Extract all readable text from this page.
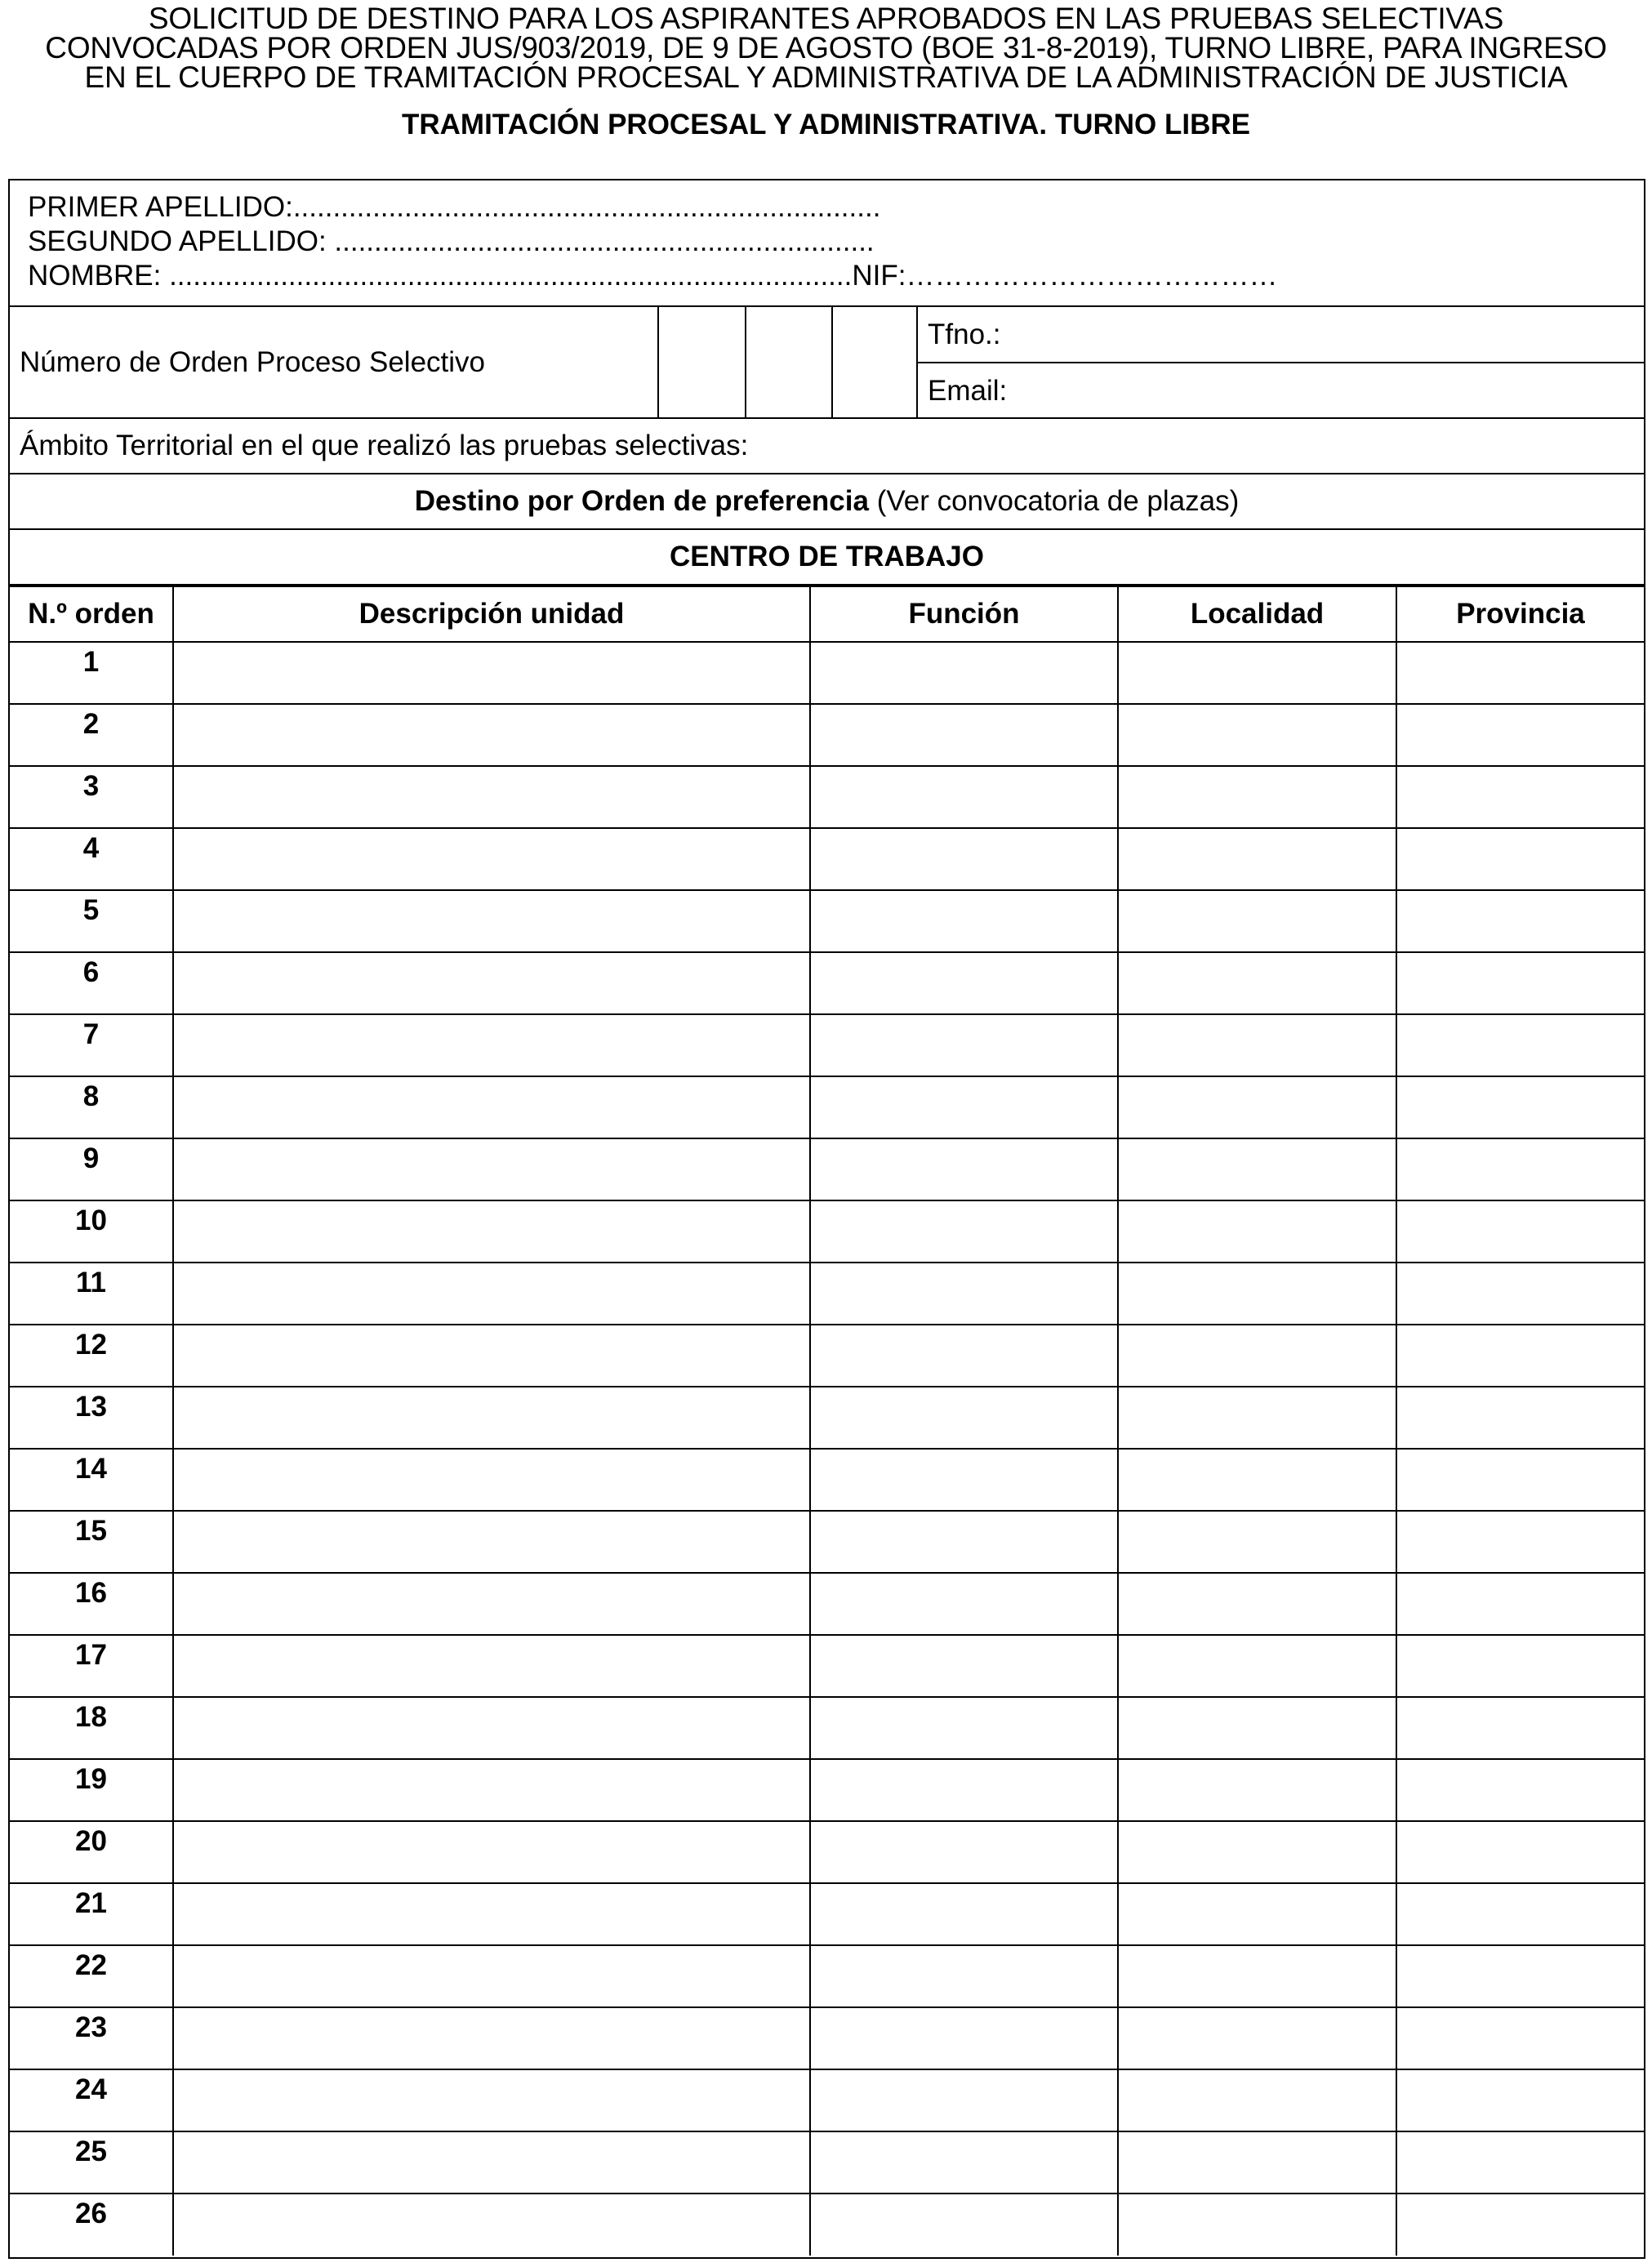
SOLICITUD DE DESTINO PARA LOS ASPIRANTES APROBADOS EN LAS PRUEBAS SELECTIVAS
CONVOCADAS POR ORDEN JUS/903/2019, DE 9 DE AGOSTO (BOE 31-8-2019), TURNO LIBRE, PARA INGRESO
EN EL CUERPO DE TRAMITACIÓN PROCESAL Y ADMINISTRATIVA DE LA ADMINISTRACIÓN DE JUSTICIA
TRAMITACIÓN PROCESAL Y ADMINISTRATIVA. TURNO LIBRE
PRIMER APELLIDO:..........................................................................
SEGUNDO APELLIDO: ....................................................................
NOMBRE: ......................................................................................NIF:…………………………………
Número de Orden Proceso Selectivo
Tfno.:
Email:
Ámbito Territorial en el que realizó las pruebas selectivas:
Destino por Orden de preferencia (Ver convocatoria de plazas)
CENTRO DE TRABAJO
N.º orden	Descripción unidad	Función	Localidad	Provincia
1				
2				
3				
4				
5				
6				
7				
8				
9				
10				
11				
12				
13				
14				
15				
16				
17				
18				
19				
20				
21				
22				
23				
24				
25				
26				
